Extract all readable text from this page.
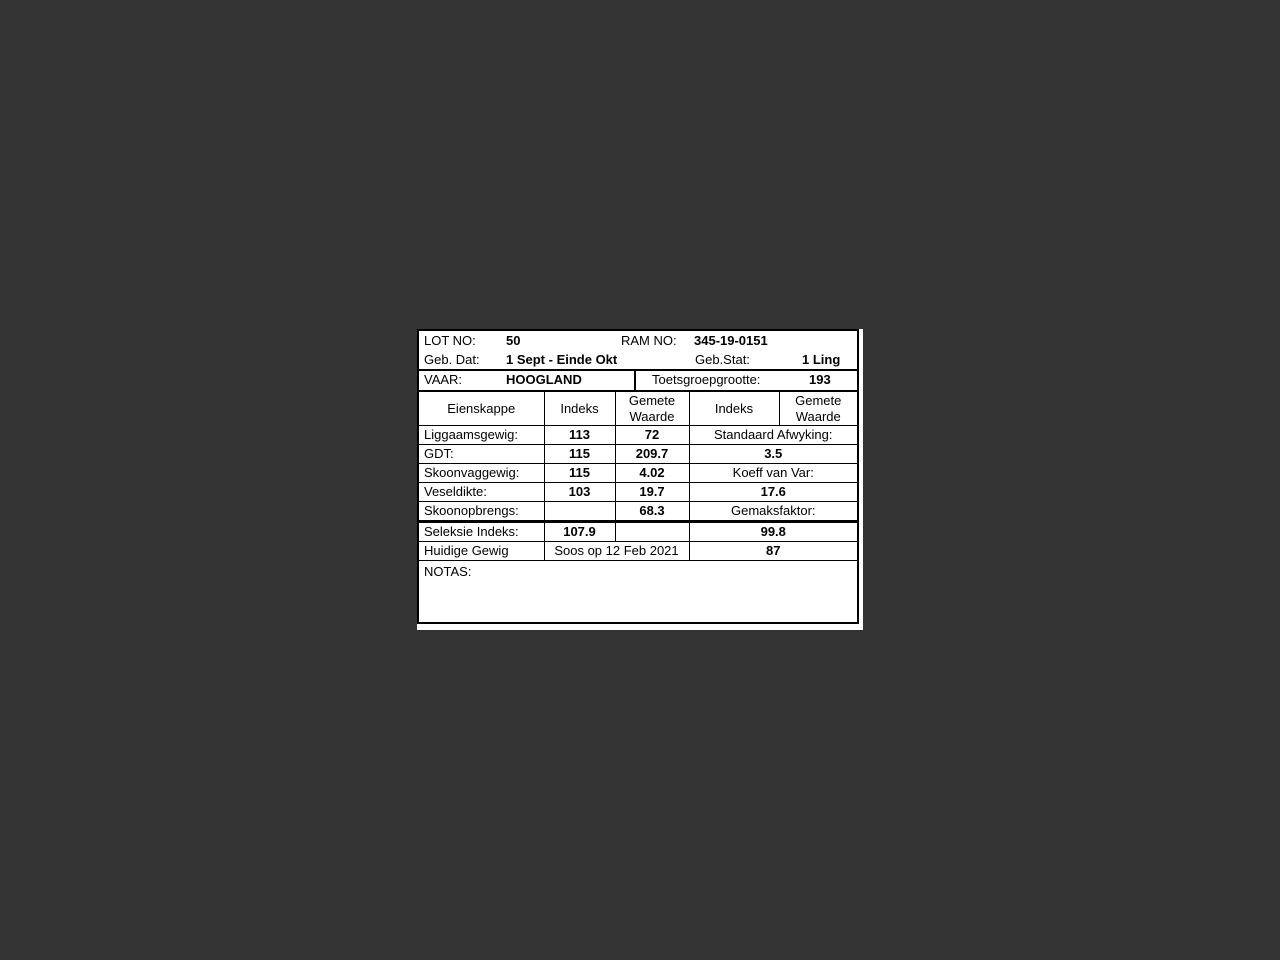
LOT NO: 50	RAM NO: 345-19-0151
Geb. Dat: 1 Sept - Einde Okt	Geb.Stat:	1 Ling
VAAR:	HOOGLAND	Toetsgroepgrootte:	193
Eienskappe	Indeks	Gemete Waarde	Indeks	Gemete Waarde
Liggaamsgewig:	113	72	Standaard Afwyking:	
GDT:	115	209.7	3.5	
Skoonvaggewig:	115	4.02	Koeff van Var:	
Veseldikte:	103	19.7	17.6	
Skoonopbrengs:		68.3	Gemaksfaktor:	
Seleksie Indeks:	107.9		99.8	
Huidige Gewig	Soos op 12 Feb 2021		87	
NOTAS:
